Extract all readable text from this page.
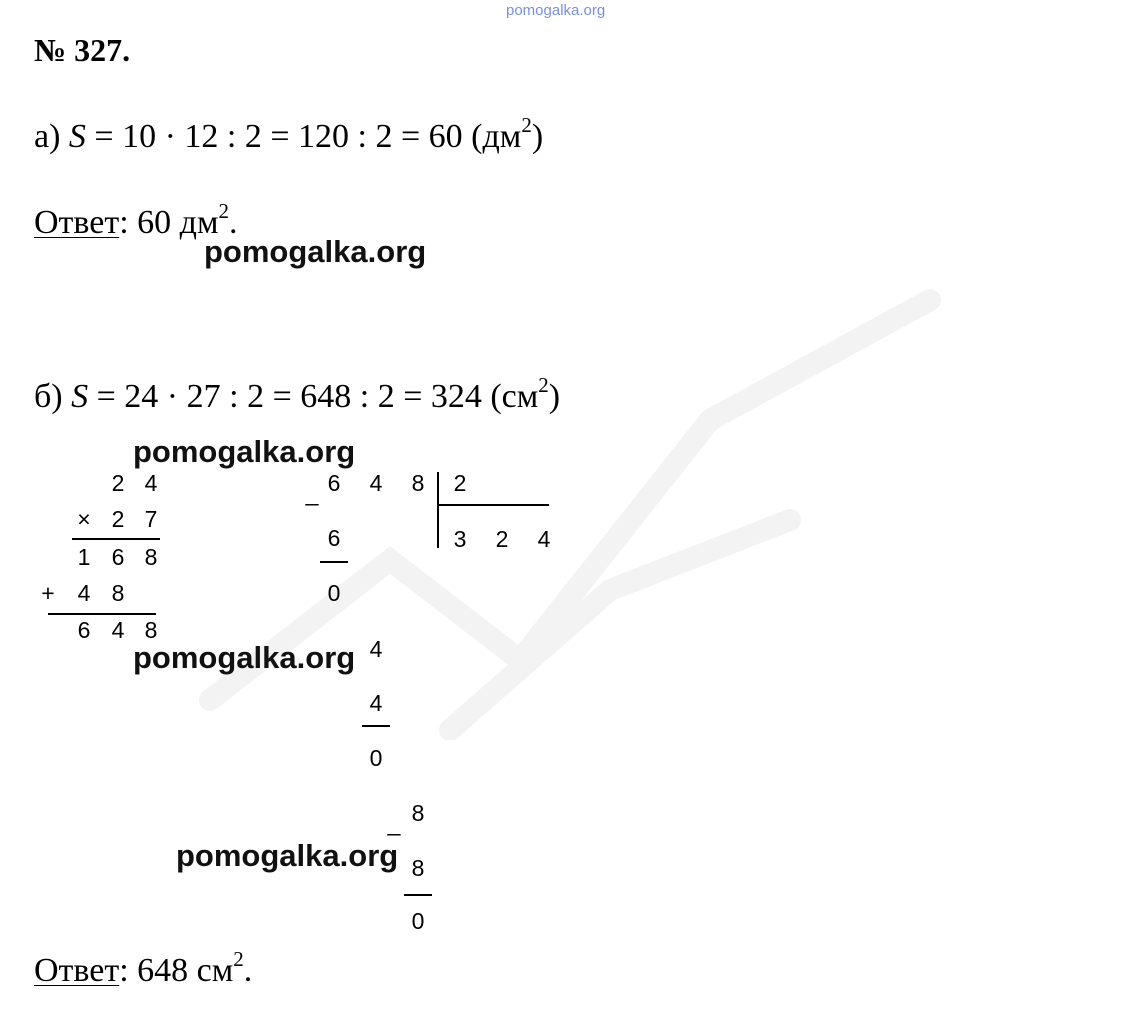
pomogalka.org
№ 327.
а) S = 10 · 12 : 2 = 120 : 2 = 60 $(дм^2)$
Ответ: 60 $дм^2$.
pomogalka.org
б) S = 24 · 27 : 2 = 648 : 2 = 324 $(см^2)$
pomogalka.org
2 4
× 2 7
1 6 8
+ 4 8
6 4 8
_ 6 4 8 2
3 2 4
6
0
4
4
0
_ 8
8
0
pomogalka.org
pomogalka.org
Ответ: 648 $см^2$.
